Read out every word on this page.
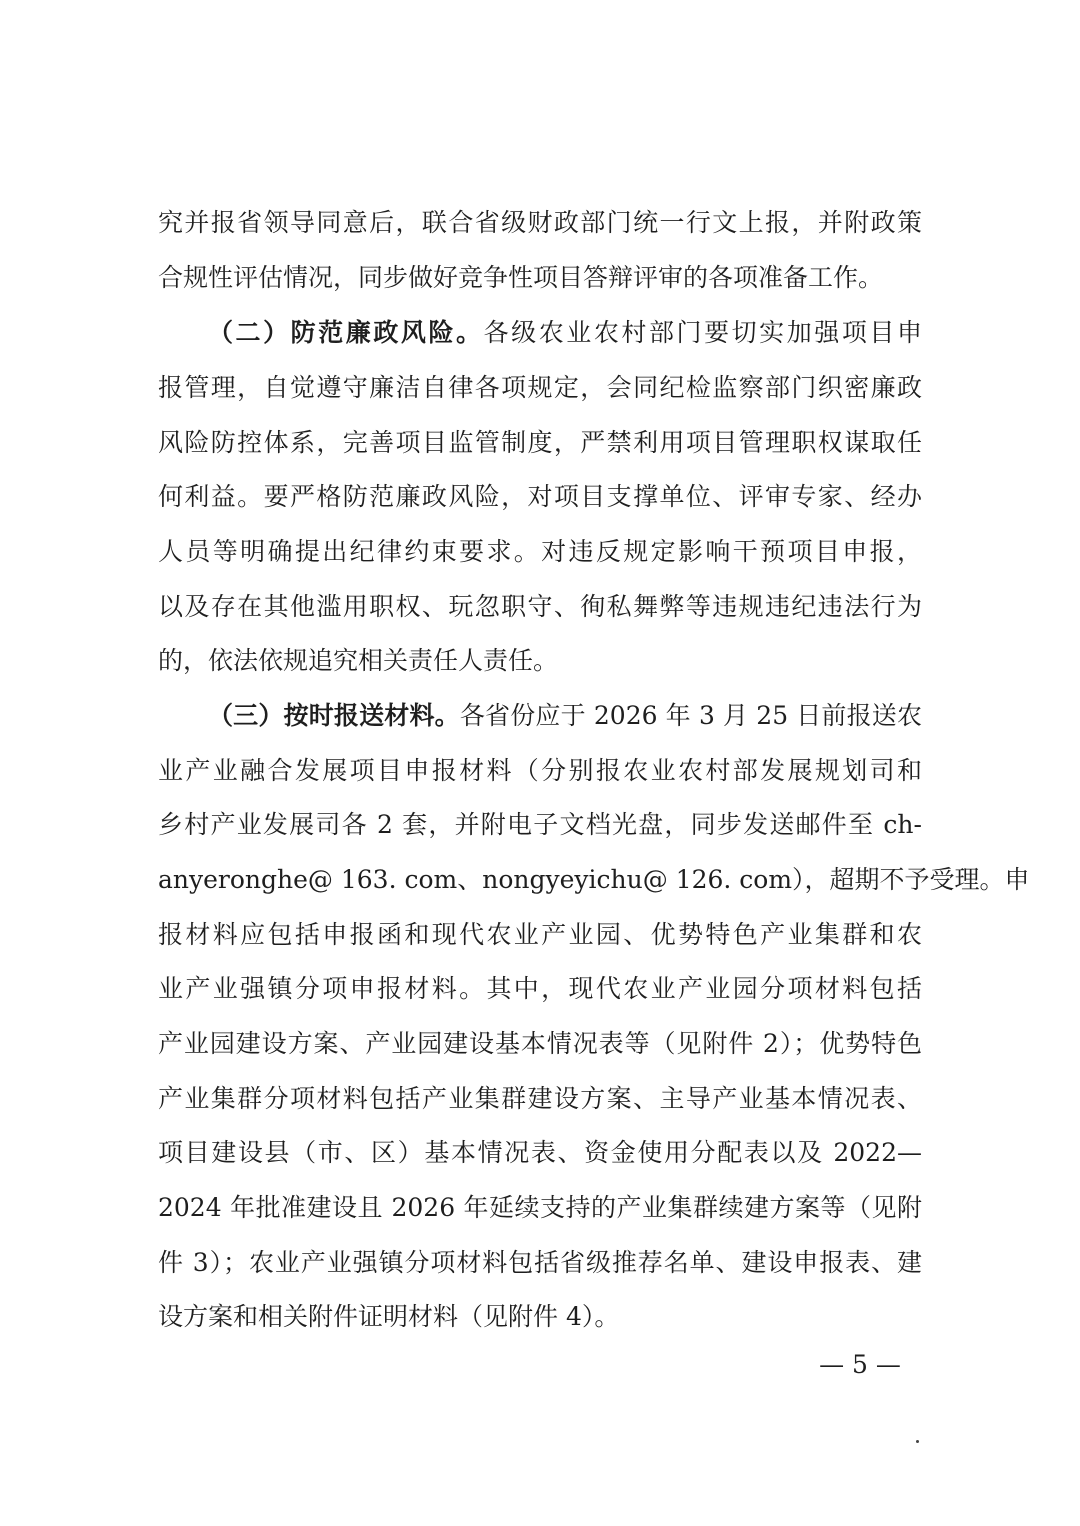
究并报省领导同意后，联合省级财政部门统一行文上报，并附政策
合规性评估情况，同步做好竞争性项目答辩评审的各项准备工作。
（二）防范廉政风险。各级农业农村部门要切实加强项目申
报管理，自觉遵守廉洁自律各项规定，会同纪检监察部门织密廉政
风险防控体系，完善项目监管制度，严禁利用项目管理职权谋取任
何利益。要严格防范廉政风险，对项目支撑单位、评审专家、经办
人员等明确提出纪律约束要求。对违反规定影响干预项目申报，
以及存在其他滥用职权、玩忽职守、徇私舞弊等违规违纪违法行为
的，依法依规追究相关责任人责任。
（三）按时报送材料。各省份应于 2026 年 3 月 25 日前报送农
业产业融合发展项目申报材料（分别报农业农村部发展规划司和
乡村产业发展司各 2 套，并附电子文档光盘，同步发送邮件至 ch-
anyeronghe@ 163. com、nongyeyichu@ 126. com），超期不予受理。申
报材料应包括申报函和现代农业产业园、优势特色产业集群和农
业产业强镇分项申报材料。其中，现代农业产业园分项材料包括
产业园建设方案、产业园建设基本情况表等（见附件 2）；优势特色
产业集群分项材料包括产业集群建设方案、主导产业基本情况表、
项目建设县（市、区）基本情况表、资金使用分配表以及 2022—
2024 年批准建设且 2026 年延续支持的产业集群续建方案等（见附
件 3）；农业产业强镇分项材料包括省级推荐名单、建设申报表、建
设方案和相关附件证明材料（见附件 4）。
— 5 —
